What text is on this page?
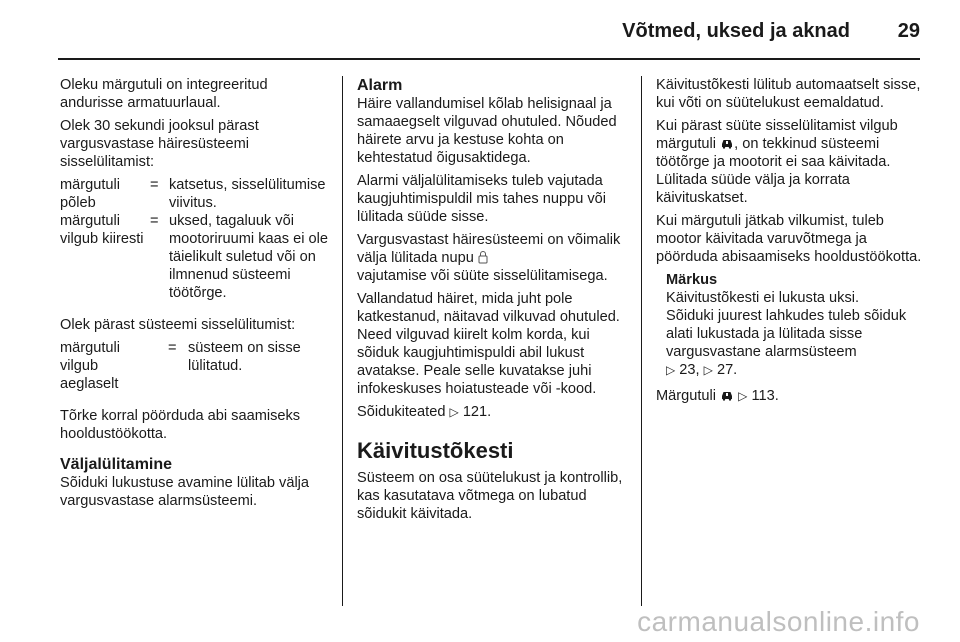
Võtmed, uksed ja aknad 29

Oleku märgutuli on integreeritud andurisse armatuurlaual.

Olek 30 sekundi jooksul pärast vargusvastase häiresüsteemi sisselülitamist:

märgutuli põleb
= katsetus, sisselülitumise viivitus.
märgutuli vilgub kiiresti
= uksed, tagaluuk või mootoriruumi kaas ei ole täielikult suletud või on ilmnenud süsteemi töötõrge.

Olek pärast süsteemi sisselülitumist:

märgutuli vilgub aeglaselt
= süsteem on sisse lülitatud.

Tõrke korral pöörduda abi saamiseks hooldustöökotta.

Väljalülitamine

Sõiduki lukustuse avamine lülitab välja vargusvastase alarmsüsteemi.

Alarm

Häire vallandumisel kõlab helisignaal ja samaaegselt vilguvad ohutuled. Nõuded häirete arvu ja kestuse kohta on kehtestatud õigusaktidega.

Alarmi väljalülitamiseks tuleb vajutada kaugjuhtimispuldil mis tahes nuppu või lülitada süüde sisse.

Vargusvastast häiresüsteemi on võimalik välja lülitada nupu
vajutamise või süüte sisselülitamisega.

Vallandatud häiret, mida juht pole katkestanud, näitavad vilkuvad ohutuled. Need vilguvad kiirelt kolm korda, kui sõiduk kaugjuhtimispuldi abil lukust avatakse. Peale selle kuvatakse juhi infokeskuses hoiatusteade või -kood.

Sõidukiteated ▷ 121.

Käivitustõkesti

Süsteem on osa süütelukust ja kontrollib, kas kasutatava võtmega on lubatud sõidukit käivitada.

Käivitustõkesti lülitub automaatselt sisse, kui võti on süütelukust eemaldatud.

Kui pärast süüte sisselülitamist vilgub märgutuli , on tekkinud süsteemi töötõrge ja mootorit ei saa käivitada. Lülitada süüde välja ja korrata käivituskatset.

Kui märgutuli jätkab vilkumist, tuleb mootor käivitada varuvõtmega ja pöörduda abisaamiseks hooldustöökotta.

Märkus
Käivitustõkesti ei lukusta uksi.
Sõiduki juurest lahkudes tuleb sõiduk alati lukustada ja lülitada sisse vargusvastane alarmsüsteem
▷ 23, ▷ 27.

Märgutuli ▷ 113.

carmanualsonline.info
